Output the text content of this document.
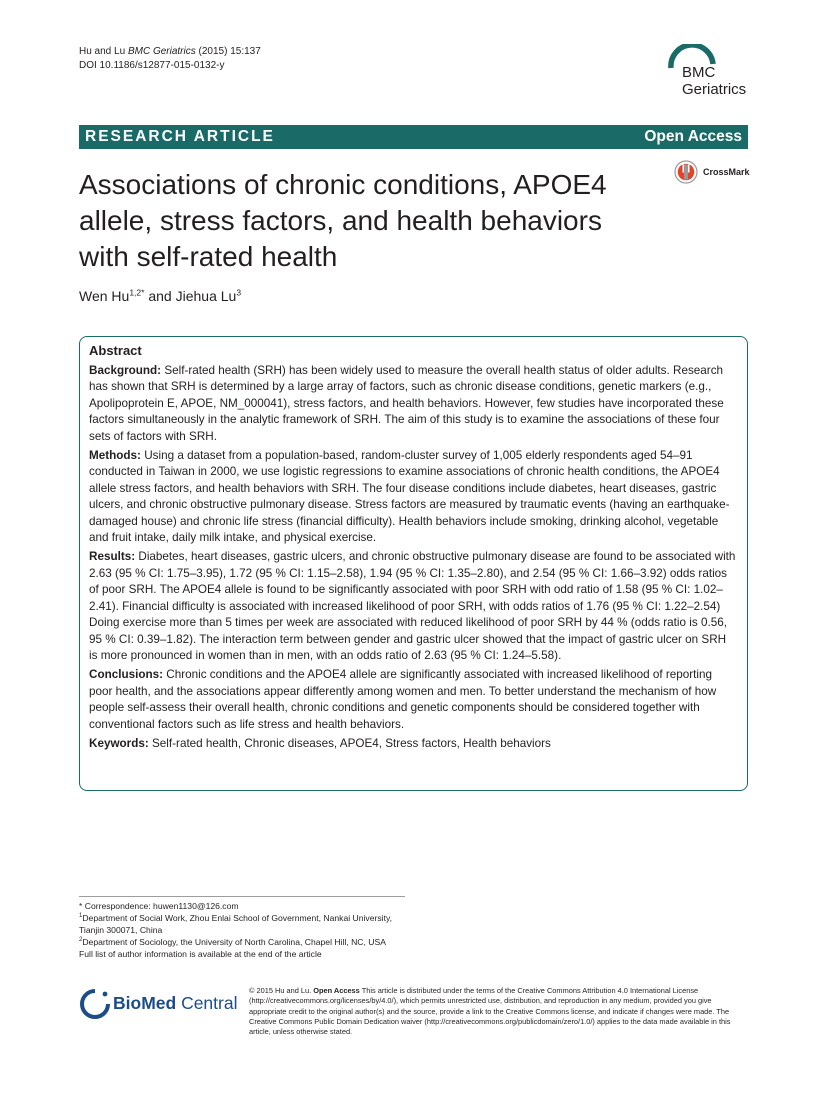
Hu and Lu BMC Geriatrics (2015) 15:137
DOI 10.1186/s12877-015-0132-y	BMC
Geriatrics
RESEARCH ARTICLE	Open Access
CrossMark
Associations of chronic conditions, APOE4 allele, stress factors, and health behaviors with self-rated health
Wen $Hu^{1,2*}$ and Jiehua Lu$^3$
Abstract

Background: Self-rated health (SRH) has been widely used to measure the overall health status of older adults. Research has shown that SRH is determined by a large array of factors, such as chronic disease conditions, genetic markers (e.g., Apolipoprotein E, APOE, NM_000041), stress factors, and health behaviors. However, few studies have incorporated these factors simultaneously in the analytic framework of SRH. The aim of this study is to examine the associations of these four sets of factors with SRH.

Methods: Using a dataset from a population-based, random-cluster survey of 1,005 elderly respondents aged 54–91 conducted in Taiwan in 2000, we use logistic regressions to examine associations of chronic health conditions, the APOE4 allele stress factors, and health behaviors with SRH. The four disease conditions include diabetes, heart diseases, gastric ulcers, and chronic obstructive pulmonary disease. Stress factors are measured by traumatic events (having an earthquake-damaged house) and chronic life stress (financial difficulty). Health behaviors include smoking, drinking alcohol, vegetable and fruit intake, daily milk intake, and physical exercise.

Results: Diabetes, heart diseases, gastric ulcers, and chronic obstructive pulmonary disease are found to be associated with 2.63 (95 % CI: 1.75–3.95), 1.72 (95 % CI: 1.15–2.58), 1.94 (95 % CI: 1.35–2.80), and 2.54 (95 % CI: 1.66–3.92) odds ratios of poor SRH. The APOE4 allele is found to be significantly associated with poor SRH with odd ratio of 1.58 (95 % CI: 1.02–2.41). Financial difficulty is associated with increased likelihood of poor SRH, with odds ratios of 1.76 (95 % CI: 1.22–2.54) Doing exercise more than 5 times per week are associated with reduced likelihood of poor SRH by 44 % (odds ratio is 0.56, 95 % CI: 0.39–1.82). The interaction term between gender and gastric ulcer showed that the impact of gastric ulcer on SRH is more pronounced in women than in men, with an odds ratio of 2.63 (95 % CI: 1.24–5.58).

Conclusions: Chronic conditions and the APOE4 allele are significantly associated with increased likelihood of reporting poor health, and the associations appear differently among women and men. To better understand the mechanism of how people self-assess their overall health, chronic conditions and genetic components should be considered together with conventional factors such as life stress and health behaviors.

Keywords: Self-rated health, Chronic diseases, APOE4, Stress factors, Health behaviors

* Correspondence: huwen1130@126.com
$^1$Department of Social Work, Zhou Enlai School of Government, Nankai University, Tianjin 300071, China
$^2$Department of Sociology, the University of North Carolina, Chapel Hill, NC, USA
Full list of author information is available at the end of the article
BioMed Central
© 2015 Hu and Lu. Open Access This article is distributed under the terms of the Creative Commons Attribution 4.0 International License (http://creativecommons.org/licenses/by/4.0/), which permits unrestricted use, distribution, and reproduction in any medium, provided you give appropriate credit to the original author(s) and the source, provide a link to the Creative Commons license, and indicate if changes were made. The Creative Commons Public Domain Dedication waiver (http://creativecommons.org/publicdomain/zero/1.0/) applies to the data made available in this article, unless otherwise stated.
